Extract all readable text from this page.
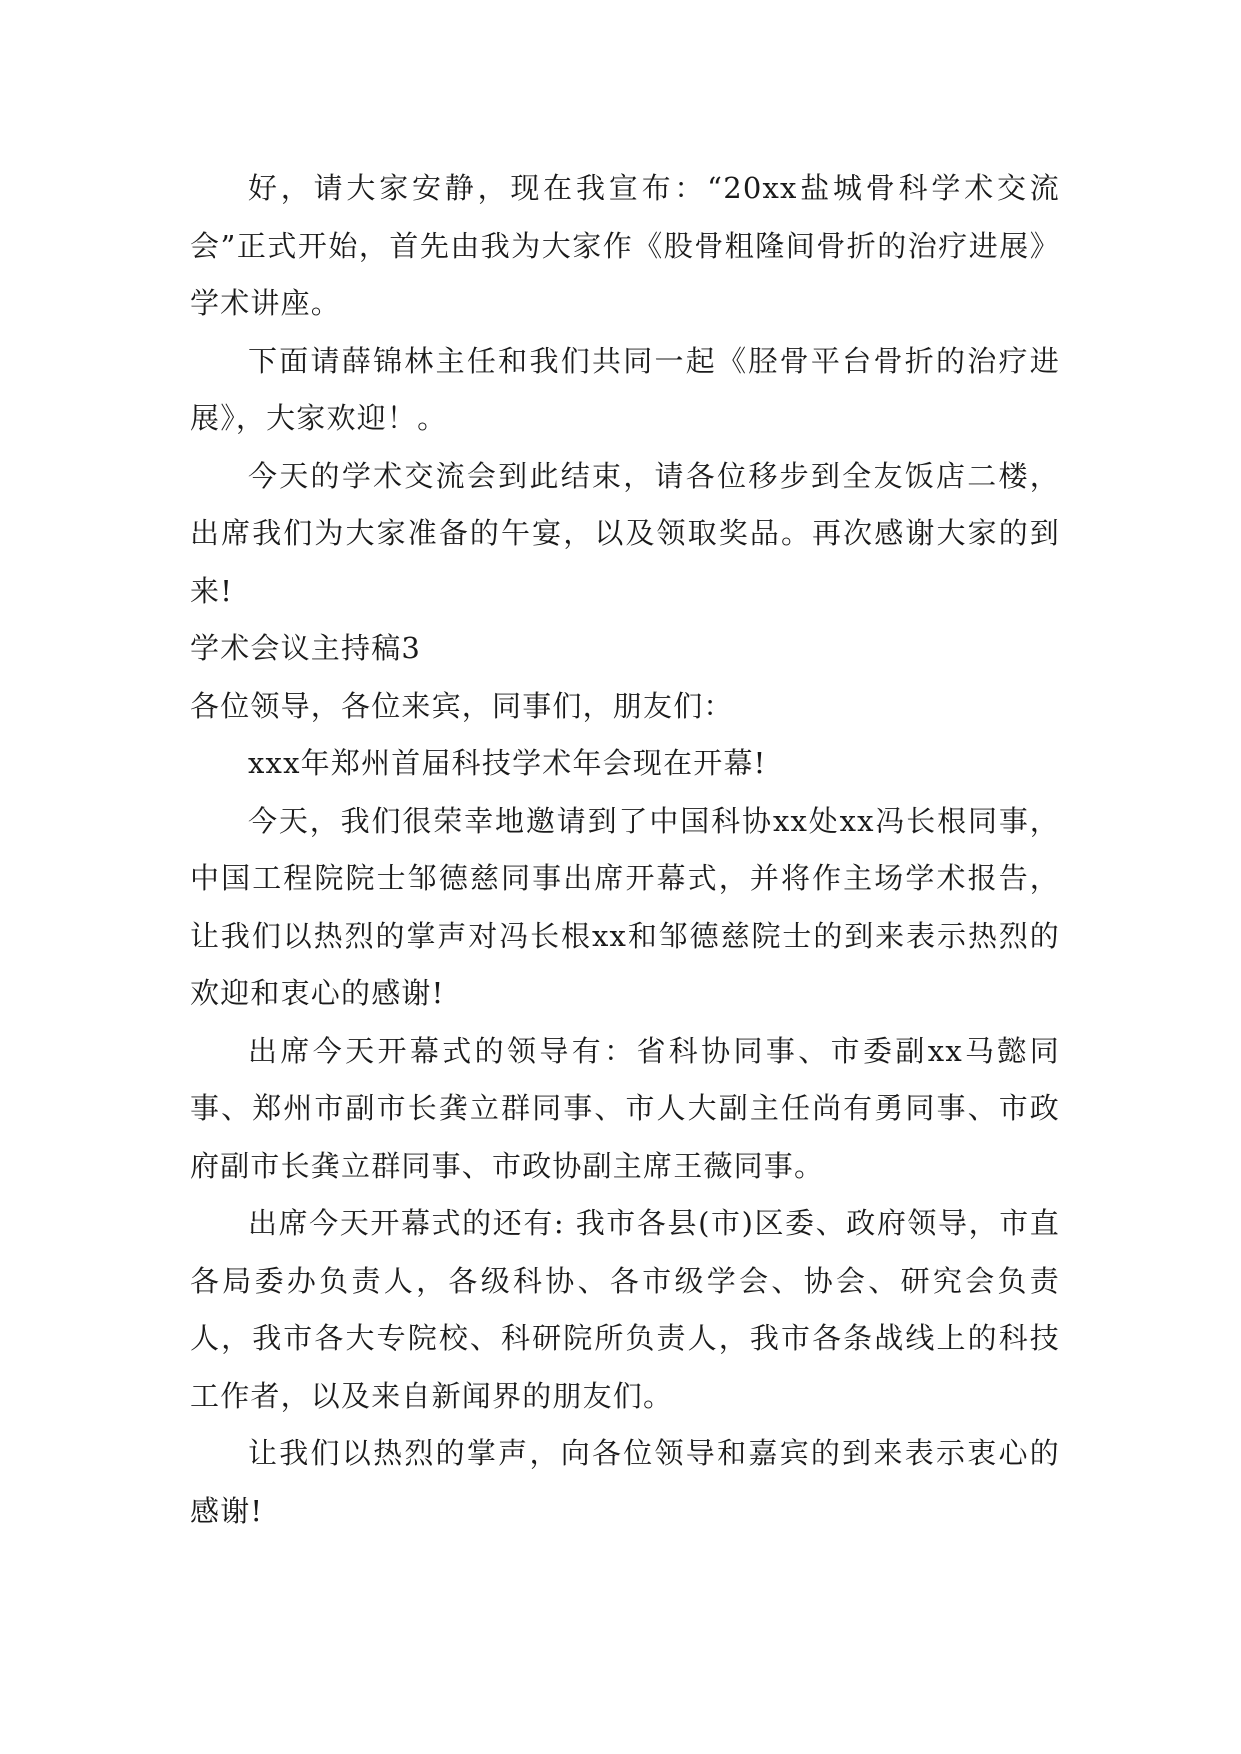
好，请大家安静，现在我宣布：“20xx盐城骨科学术交流会”正式开始，首先由我为大家作《股骨粗隆间骨折的治疗进展》学术讲座。

下面请薛锦林主任和我们共同一起《胫骨平台骨折的治疗进展》，大家欢迎！。

今天的学术交流会到此结束，请各位移步到全友饭店二楼，出席我们为大家准备的午宴，以及领取奖品。再次感谢大家的到来!

学术会议主持稿3

各位领导，各位来宾，同事们，朋友们：

xxx年郑州首届科技学术年会现在开幕!

今天，我们很荣幸地邀请到了中国科协xx处xx冯长根同事，中国工程院院士邹德慈同事出席开幕式，并将作主场学术报告，让我们以热烈的掌声对冯长根xx和邹德慈院士的到来表示热烈的欢迎和衷心的感谢!

出席今天开幕式的领导有：省科协同事、市委副xx马懿同事、郑州市副市长龚立群同事、市人大副主任尚有勇同事、市政府副市长龚立群同事、市政协副主席王薇同事。

出席今天开幕式的还有: 我市各县(市)区委、政府领导，市直各局委办负责人，各级科协、各市级学会、协会、研究会负责人，我市各大专院校、科研院所负责人，我市各条战线上的科技工作者，以及来自新闻界的朋友们。

让我们以热烈的掌声，向各位领导和嘉宾的到来表示衷心的感谢!
